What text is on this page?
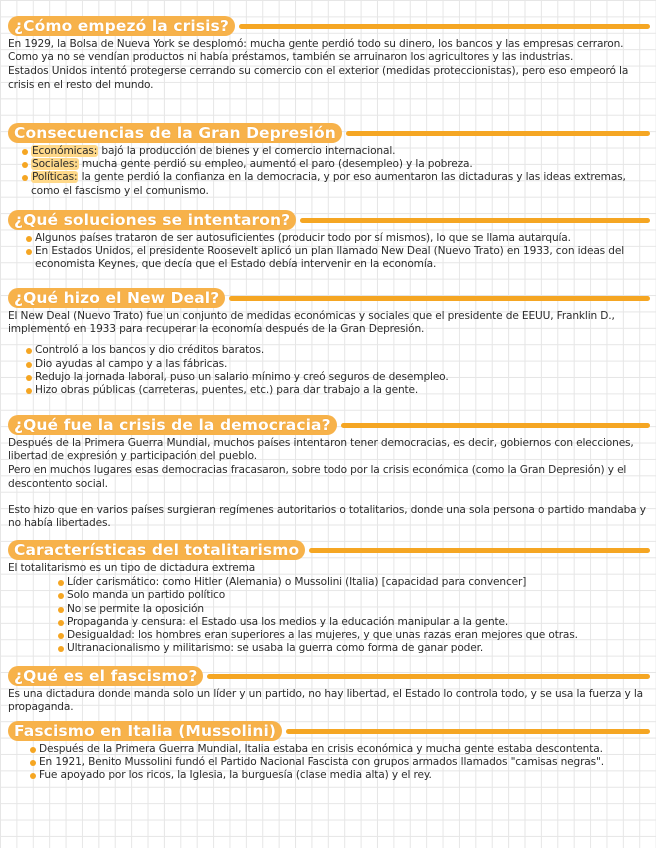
¿Cómo empezó la crisis?

En 1929, la Bolsa de Nueva York se desplomó: mucha gente perdió todo su dinero, los bancos y las empresas cerraron. Como ya no se vendían productos ni había préstamos, también se arruinaron los agricultores y las industrias.

Estados Unidos intentó protegerse cerrando su comercio con el exterior (medidas proteccionistas), pero eso empeoró la crisis en el resto del mundo.

Consecuencias de la Gran Depresión
Económicas: bajó la producción de bienes y el comercio internacional.
Sociales: mucha gente perdió su empleo, aumentó el paro (desempleo) y la pobreza.
Políticas: la gente perdió la confianza en la democracia, y por eso aumentaron las dictaduras y las ideas extremas, como el fascismo y el comunismo.
¿Qué soluciones se intentaron?
Algunos países trataron de ser autosuficientes (producir todo por sí mismos), lo que se llama autarquía.
En Estados Unidos, el presidente Roosevelt aplicó un plan llamado New Deal (Nuevo Trato) en 1933, con ideas del economista Keynes, que decía que el Estado debía intervenir en la economía.
¿Qué hizo el New Deal?

El New Deal (Nuevo Trato) fue un conjunto de medidas económicas y sociales que el presidente de EEUU, Franklin D., implementó en 1933 para recuperar la economía después de la Gran Depresión.

Controló a los bancos y dio créditos baratos.
Dio ayudas al campo y a las fábricas.
Redujo la jornada laboral, puso un salario mínimo y creó seguros de desempleo.
Hizo obras públicas (carreteras, puentes, etc.) para dar trabajo a la gente.
¿Qué fue la crisis de la democracia?

Después de la Primera Guerra Mundial, muchos países intentaron tener democracias, es decir, gobiernos con elecciones, libertad de expresión y participación del pueblo.

Pero en muchos lugares esas democracias fracasaron, sobre todo por la crisis económica (como la Gran Depresión) y el descontento social.

Esto hizo que en varios países surgieran regímenes autoritarios o totalitarios, donde una sola persona o partido mandaba y no había libertades.

Características del totalitarismo

El totalitarismo es un tipo de dictadura extrema

Líder carismático: como Hitler (Alemania) o Mussolini (Italia) [capacidad para convencer]
Solo manda un partido político
No se permite la oposición
Propaganda y censura: el Estado usa los medios y la educación manipular a la gente.
Desigualdad: los hombres eran superiores a las mujeres, y que unas razas eran mejores que otras.
Ultranacionalismo y militarismo: se usaba la guerra como forma de ganar poder.
¿Qué es el fascismo?

Es una dictadura donde manda solo un líder y un partido, no hay libertad, el Estado lo controla todo, y se usa la fuerza y la propaganda.

Fascismo en Italia (Mussolini)
Después de la Primera Guerra Mundial, Italia estaba en crisis económica y mucha gente estaba descontenta.
En 1921, Benito Mussolini fundó el Partido Nacional Fascista con grupos armados llamados "camisas negras".
Fue apoyado por los ricos, la Iglesia, la burguesía (clase media alta) y el rey.
